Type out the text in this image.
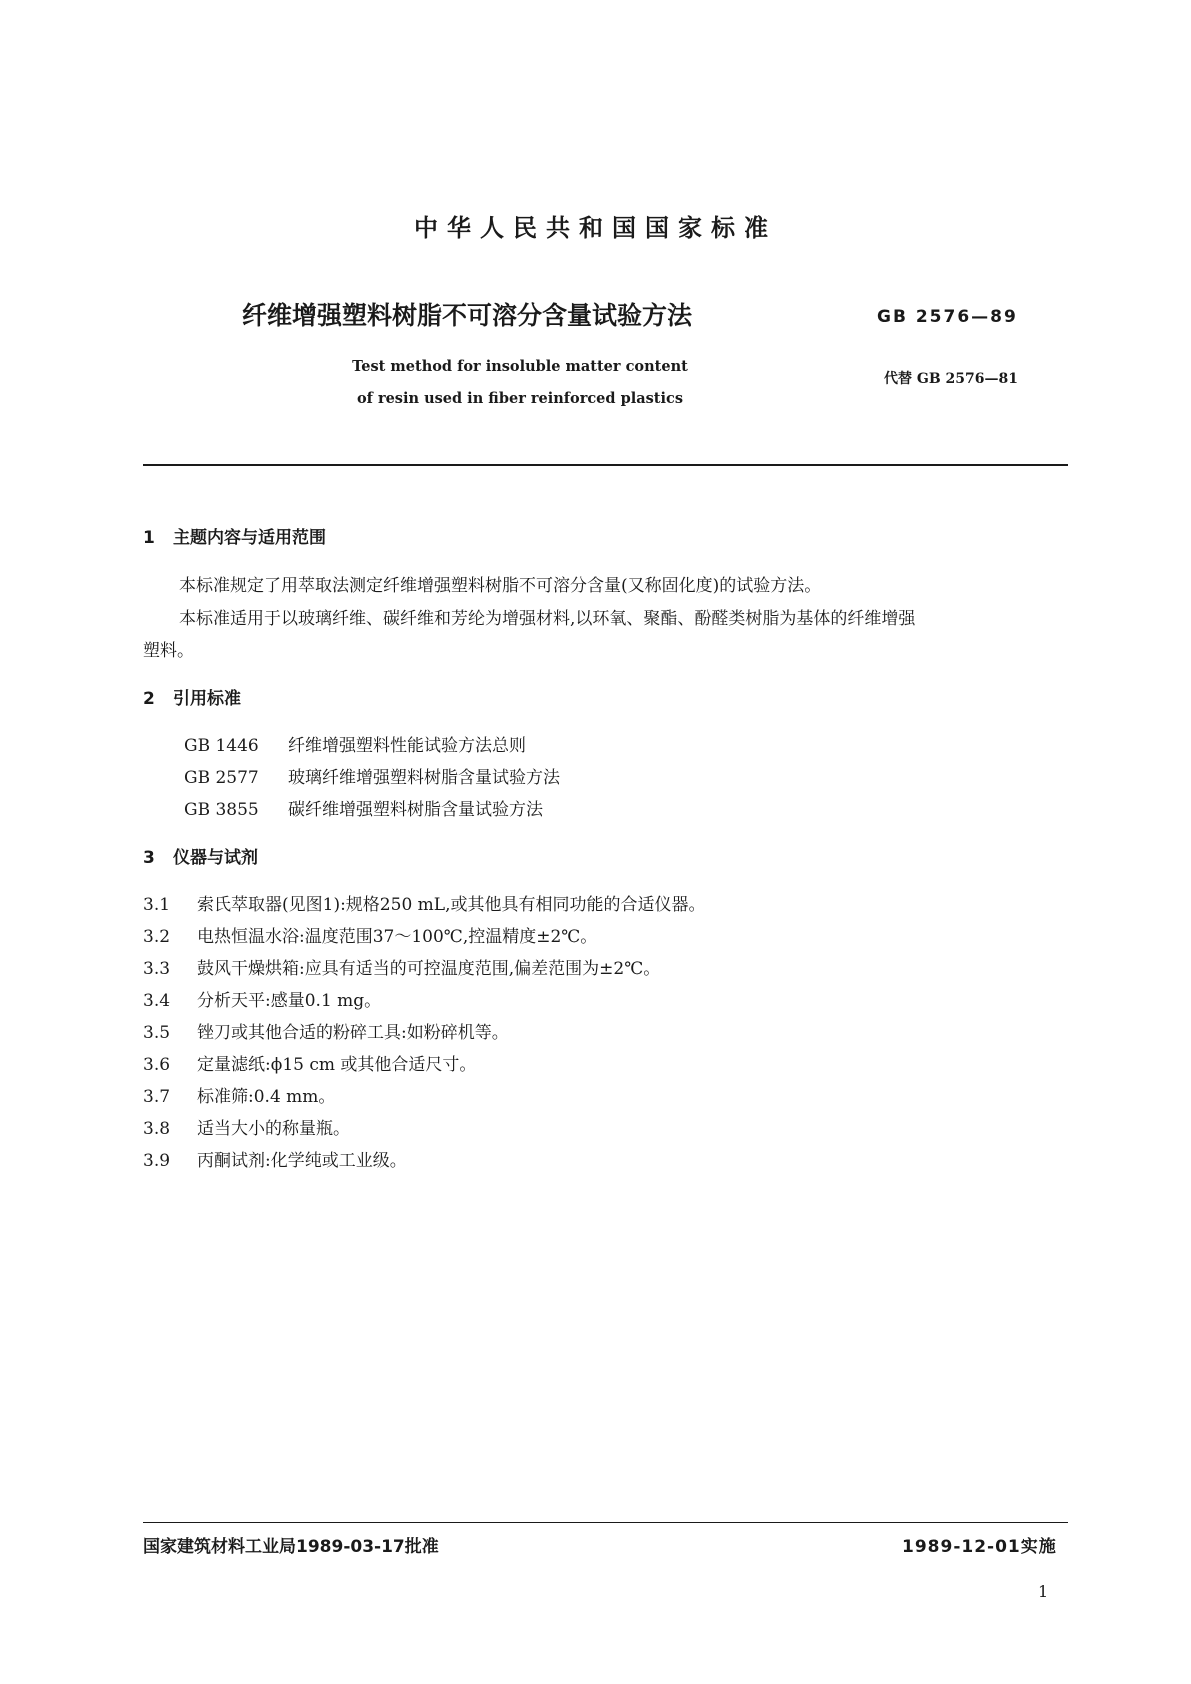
中华人民共和国国家标准
纤维增强塑料树脂不可溶分含量试验方法	GB 2576—89
Test method for insoluble matter content
of resin used in fiber reinforced plastics
代替 GB 2576—81
1 主题内容与适用范围
本标准规定了用萃取法测定纤维增强塑料树脂不可溶分含量(又称固化度)的试验方法。
本标准适用于以玻璃纤维、碳纤维和芳纶为增强材料,以环氧、聚酯、酚醛类树脂为基体的纤维增强
塑料。
2 引用标准
GB 1446 纤维增强塑料性能试验方法总则
GB 2577 玻璃纤维增强塑料树脂含量试验方法
GB 3855 碳纤维增强塑料树脂含量试验方法
3 仪器与试剂
3.1 索氏萃取器(见图1):规格250 mL,或其他具有相同功能的合适仪器。
3.2 电热恒温水浴:温度范围37～100℃,控温精度±2℃。
3.3 鼓风干燥烘箱:应具有适当的可控温度范围,偏差范围为±2℃。
3.4 分析天平:感量0.1 mg。
3.5 锉刀或其他合适的粉碎工具:如粉碎机等。
3.6 定量滤纸:ϕ15 cm 或其他合适尺寸。
3.7 标准筛:0.4 mm。
3.8 适当大小的称量瓶。
3.9 丙酮试剂:化学纯或工业级。
国家建筑材料工业局1989-03-17批准	1989-12-01实施
1
